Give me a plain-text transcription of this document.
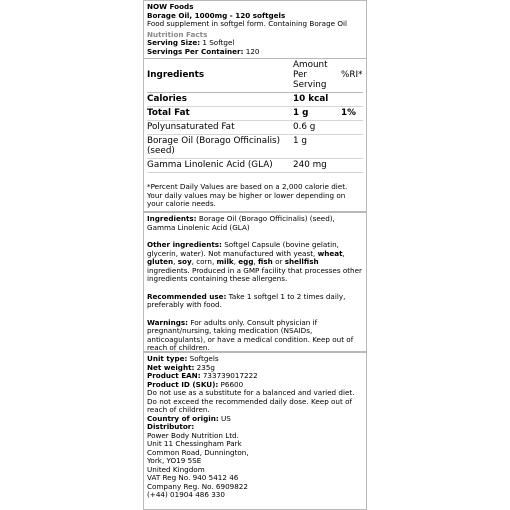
NOW Foods
Borage Oil, 1000mg - 120 softgels
Food supplement in softgel form. Containing Borage Oil
Nutrition Facts
Serving Size: 1 Softgel
Servings Per Container: 120
Ingredients	Amount Per Serving	%RI*
Calories	10 kcal	
Total Fat	1 g	1%
Polyunsaturated Fat	0.6 g	
Borage Oil (Borago Officinalis) (seed)	1 g	
Gamma Linolenic Acid (GLA)	240 mg	
*Percent Daily Values are based on a 2,000 calorie diet. Your daily values may be higher or lower depending on your calorie needs.
Ingredients: Borage Oil (Borago Officinalis) (seed), Gamma Linolenic Acid (GLA)
Other ingredients: Softgel Capsule (bovine gelatin, glycerin, water). Not manufactured with yeast, wheat, gluten, soy, corn, milk, egg, fish or shellfish ingredients. Produced in a GMP facility that processes other ingredients containing these allergens.
Recommended use: Take 1 softgel 1 to 2 times daily, preferably with food.
Warnings: For adults only. Consult physician if pregnant/nursing, taking medication (NSAIDs, anticoagulants), or have a medical condition. Keep out of reach of children.
Unit type: Softgels
Net weight: 235g
Product EAN: 733739017222
Product ID (SKU): P6600
Do not use as a substitute for a balanced and varied diet. Do not exceed the recommended daily dose. Keep out of reach of children.
Country of origin: US
Distributor:
Power Body Nutrition Ltd.
Unit 11 Chessingham Park
Common Road, Dunnington,
York, YO19 5SE
United Kingdom
VAT Reg No. 940 5412 46
Company Reg. No. 6909822
(+44) 01904 486 330
